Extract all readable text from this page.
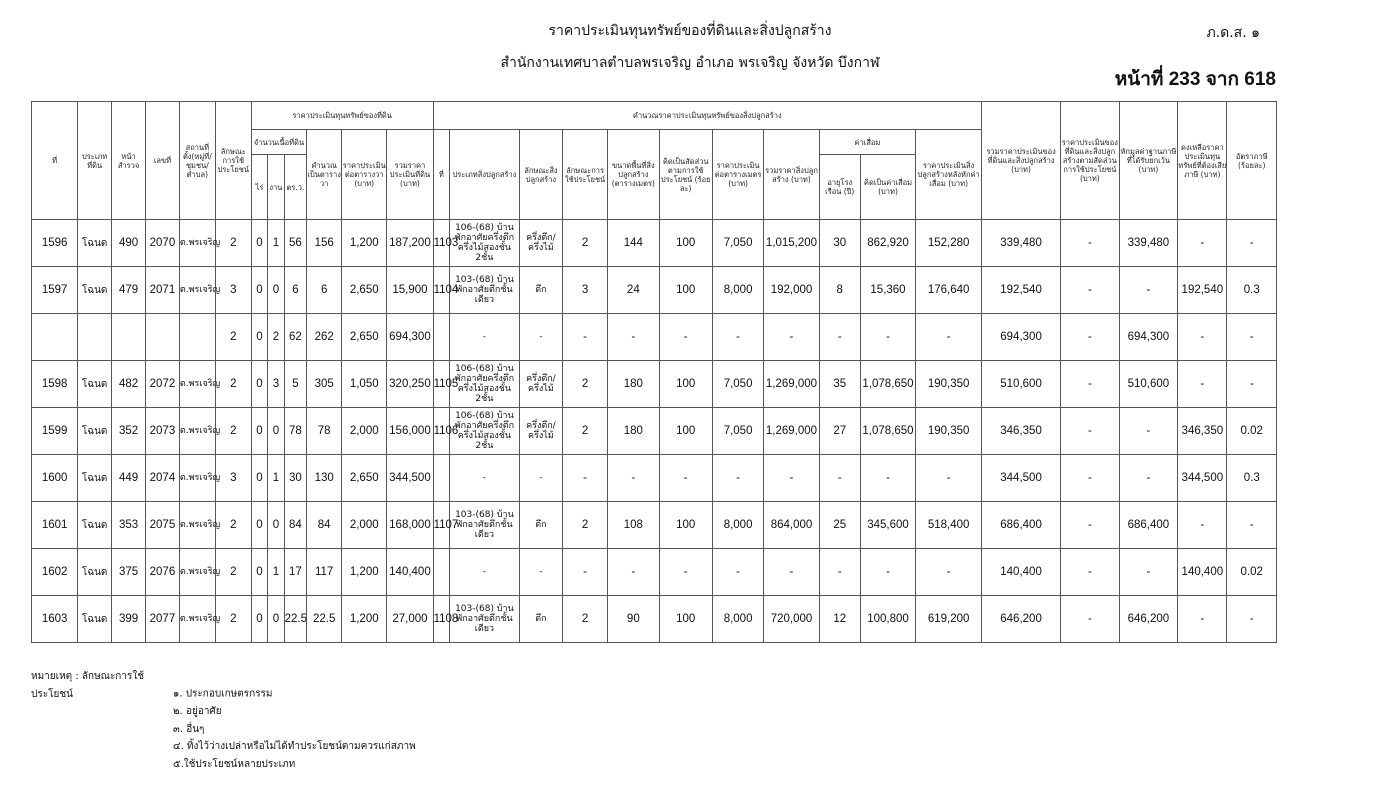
ราคาประเมินทุนทรัพย์ของที่ดินและสิ่งปลูกสร้าง
สำนักงานเทศบาลตำบลพรเจริญ อำเภอ พรเจริญ จังหวัด บึงกาฬ
ภ.ด.ส. ๑
หน้าที่ 233 จาก 618
ที่	ประเภทที่ดิน	หน้าสำรวจ	เลขที่	สถานที่ตั้ง(หมู่ที่/ชุมชน/ตำบล)	ลักษณะการใช้ประโยชน์	ราคาประเมินทุนทรัพย์ของที่ดิน						คำนวณราคาประเมินทุนทรัพย์ของสิ่งปลูกสร้าง											รวมราคาประเมินของที่ดินและสิ่งปลูกสร้าง (บาท)	ราคาประเมินของที่ดินและสิ่งปลูกสร้างตามสัดส่วนการใช้ประโยชน์ (บาท)	หักมูลค่าฐานภาษีที่ได้รับยกเว้น (บาท)	คงเหลือราคาประเมินทุนทรัพย์ที่ต้องเสียภาษี (บาท)	อัตราภาษี (ร้อยละ)
						จำนวนเนื้อที่ดิน			คำนวณเป็นตารางวา	ราคาประเมินต่อตารางวา (บาท)	รวมราคาประเมินที่ดิน (บาท)	ที่	ประเภทสิ่งปลูกสร้าง	ลักษณะสิ่งปลูกสร้าง	ลักษณะการใช้ประโยชน์	ขนาดพื้นที่สิ่งปลูกสร้าง (ตารางเมตร)	คิดเป็นสัดส่วนตามการใช้ประโยชน์ (ร้อยละ)	ราคาประเมินต่อตารางเมตร (บาท)	รวมราคาสิ่งปลูกสร้าง (บาท)	ค่าเสื่อม		ราคาประเมินสิ่งปลูกสร้างหลังหักค่าเสื่อม (บาท)					
						ไร่	งาน	ตร.ว.												อายุโรงเรือน (ปี)	คิดเป็นค่าเสื่อม (บาท)						
1596	โฉนด	490	2070	ต.พรเจริญ	2	0	1	56	156	1,200	187,200	1103	106-(68) บ้านพักอาศัยครึ่งตึกครึ่งไม้สองชั้น 2ชั้น	ครึ่งตึก/ครึ่งไม้	2	144	100	7,050	1,015,200	30	862,920	152,280	339,480	-	339,480	-	-
1597	โฉนด	479	2071	ต.พรเจริญ	3	0	0	6	6	2,650	15,900	1104	103-(68) บ้านพักอาศัยตึกชั้นเดียว	ตึก	3	24	100	8,000	192,000	8	15,360	176,640	192,540	-	-	192,540	0.3
					2	0	2	62	262	2,650	694,300		-	-	-	-	-	-	-	-	-	-	694,300	-	694,300	-	-
1598	โฉนด	482	2072	ต.พรเจริญ	2	0	3	5	305	1,050	320,250	1105	106-(68) บ้านพักอาศัยครึ่งตึกครึ่งไม้สองชั้น 2ชั้น	ครึ่งตึก/ครึ่งไม้	2	180	100	7,050	1,269,000	35	1,078,650	190,350	510,600	-	510,600	-	-
1599	โฉนด	352	2073	ต.พรเจริญ	2	0	0	78	78	2,000	156,000	1106	106-(68) บ้านพักอาศัยครึ่งตึกครึ่งไม้สองชั้น 2ชั้น	ครึ่งตึก/ครึ่งไม้	2	180	100	7,050	1,269,000	27	1,078,650	190,350	346,350	-	-	346,350	0.02
1600	โฉนด	449	2074	ต.พรเจริญ	3	0	1	30	130	2,650	344,500		-	-	-	-	-	-	-	-	-	-	344,500	-	-	344,500	0.3
1601	โฉนด	353	2075	ต.พรเจริญ	2	0	0	84	84	2,000	168,000	1107	103-(68) บ้านพักอาศัยตึกชั้นเดียว	ตึก	2	108	100	8,000	864,000	25	345,600	518,400	686,400	-	686,400	-	-
1602	โฉนด	375	2076	ต.พรเจริญ	2	0	1	17	117	1,200	140,400		-	-	-	-	-	-	-	-	-	-	140,400	-	-	140,400	0.02
1603	โฉนด	399	2077	ต.พรเจริญ	2	0	0	22.5	22.5	1,200	27,000	1108	103-(68) บ้านพักอาศัยตึกชั้นเดียว	ตึก	2	90	100	8,000	720,000	12	100,800	619,200	646,200	-	646,200	-	-
หมายเหตุ : ลักษณะการใช้ประโยชน์	๑. ประกอบเกษตรกรรม
๒. อยู่อาศัย
๓. อื่นๆ
๔. ทิ้งไว้ว่างเปล่าหรือไม่ได้ทำประโยชน์ตามควรแก่สภาพ
๕.ใช้ประโยชน์หลายประเภท
